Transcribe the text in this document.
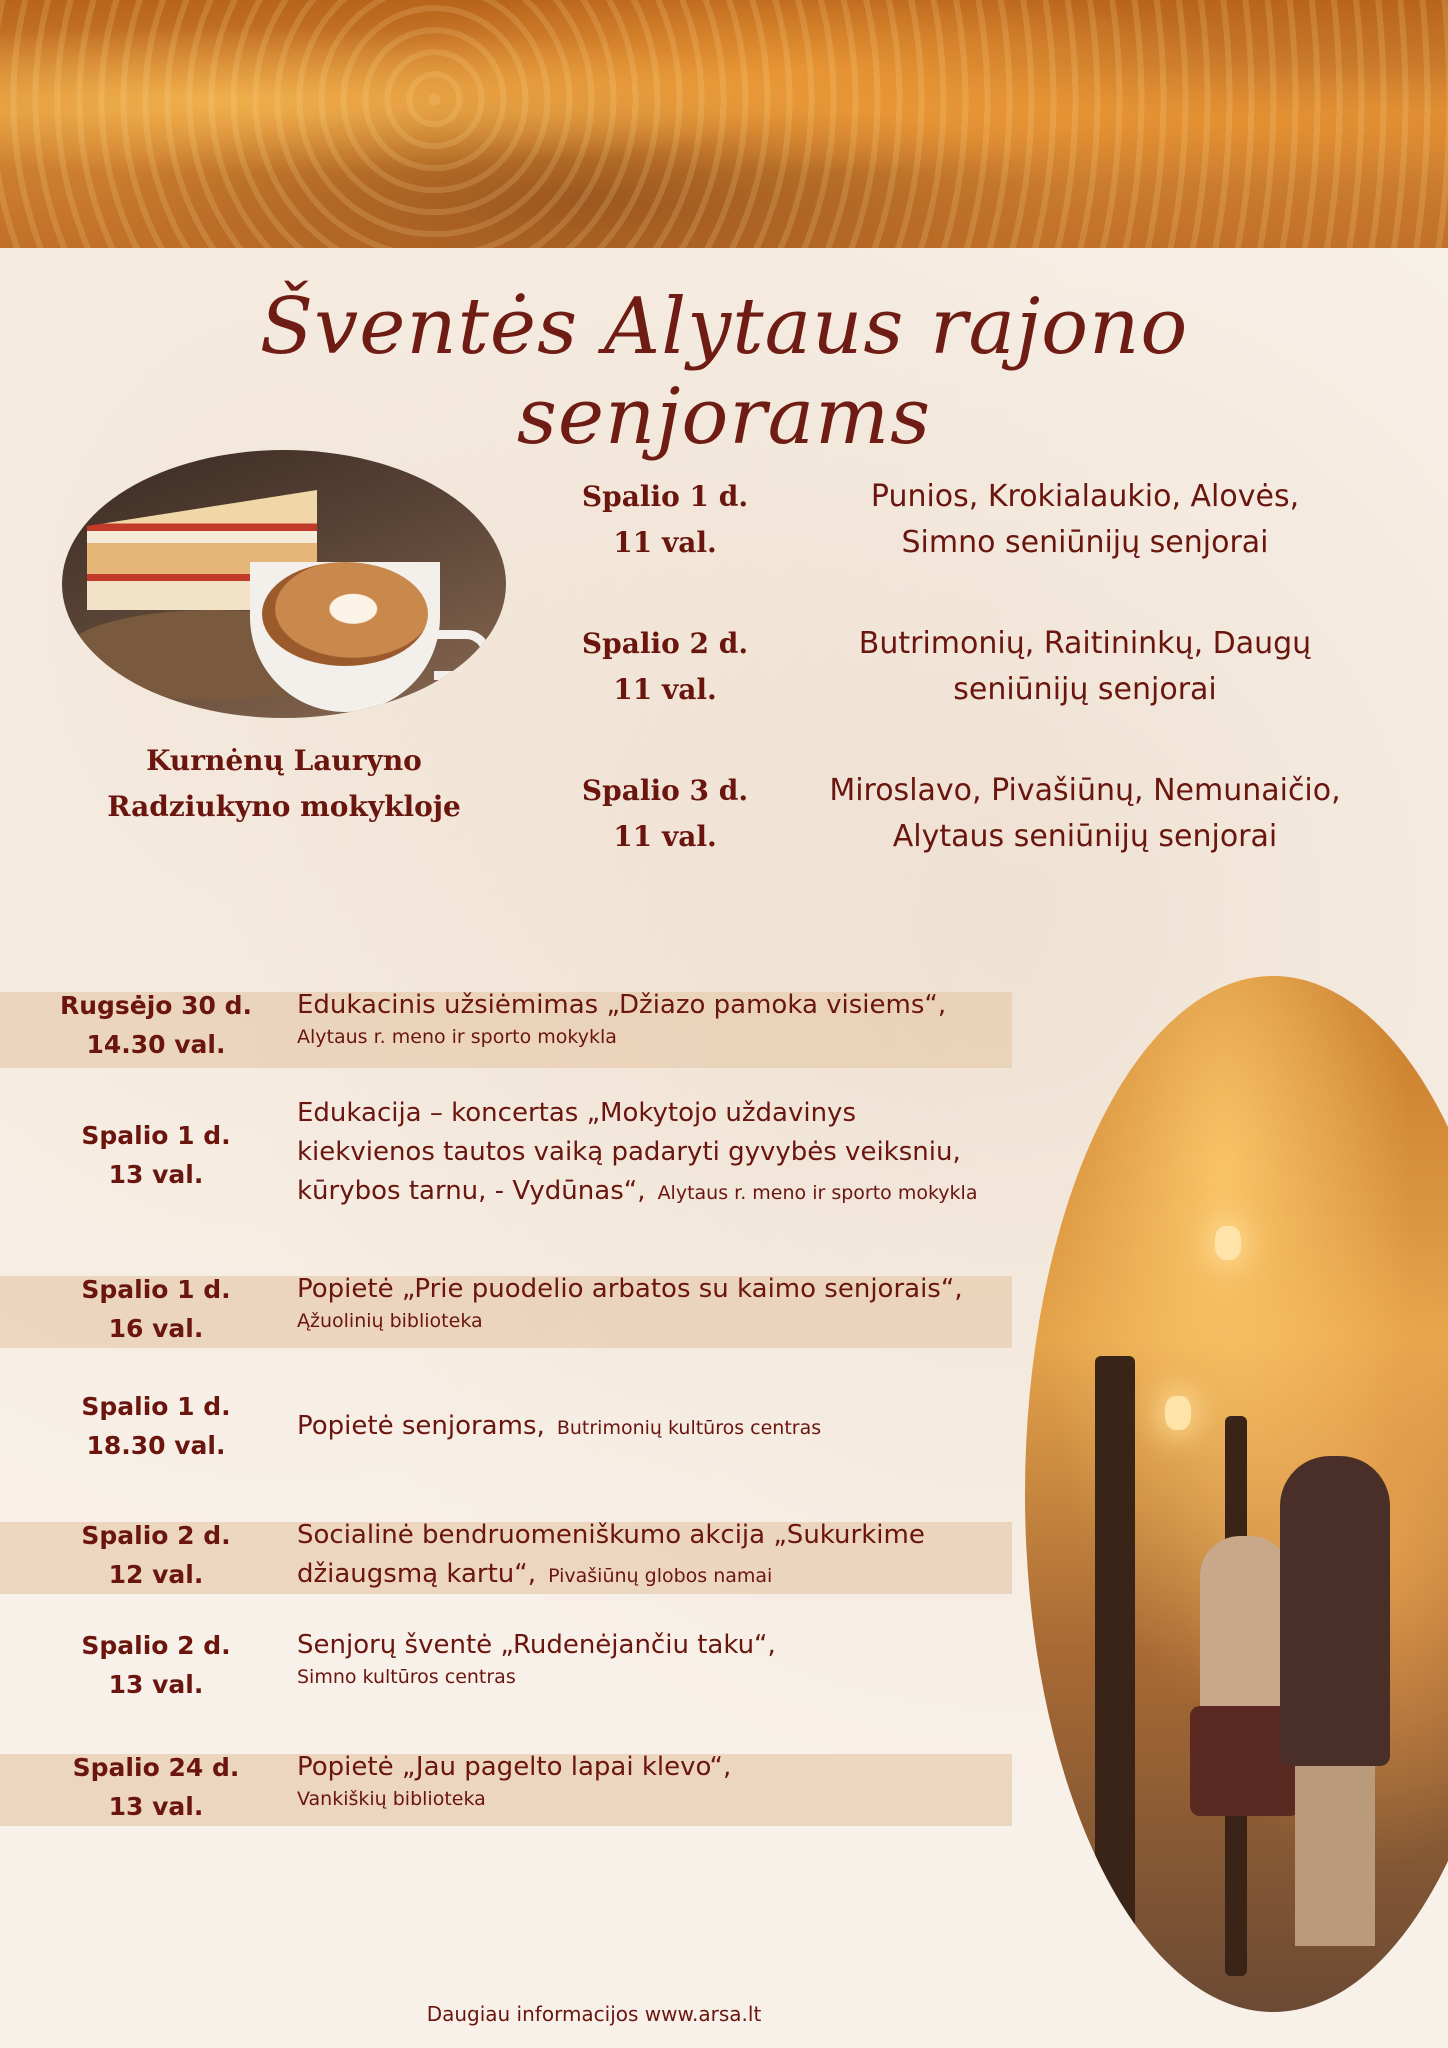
Šventės Alytaus rajono senjorams
Kurnėnų Lauryno
Radziukyno mokykloje
Spalio 1 d.
11 val.
Punios, Krokialaukio, Alovės,
Simno seniūnijų senjorai
Spalio 2 d.
11 val.
Butrimonių, Raitininkų, Daugų
seniūnijų senjorai
Spalio 3 d.
11 val.
Miroslavo, Pivašiūnų, Nemunaičio,
Alytaus seniūnijų senjorai
Rugsėjo 30 d.
14.30 val.
Edukacinis užsiėmimas „Džiazo pamoka visiems“,
Alytaus r. meno ir sporto mokykla
Spalio 1 d.
13 val.
Edukacija – koncertas „Mokytojo uždavinys
kiekvienos tautos vaiką padaryti gyvybės veiksniu,
kūrybos tarnu, - Vydūnas“,  Alytaus r. meno ir sporto mokykla
Spalio 1 d.
16 val.
Popietė „Prie puodelio arbatos su kaimo senjorais“,
Ąžuolinių biblioteka
Spalio 1 d.
18.30 val.
Popietė senjorams,  Butrimonių kultūros centras
Spalio 2 d.
12 val.
Socialinė bendruomeniškumo akcija „Sukurkime
džiaugsmą kartu“,  Pivašiūnų globos namai
Spalio 2 d.
13 val.
Senjorų šventė „Rudenėjančiu taku“,
Simno kultūros centras
Spalio 24 d.
13 val.
Popietė „Jau pagelto lapai klevo“,
Vankiškių biblioteka
Daugiau informacijos www.arsa.lt
